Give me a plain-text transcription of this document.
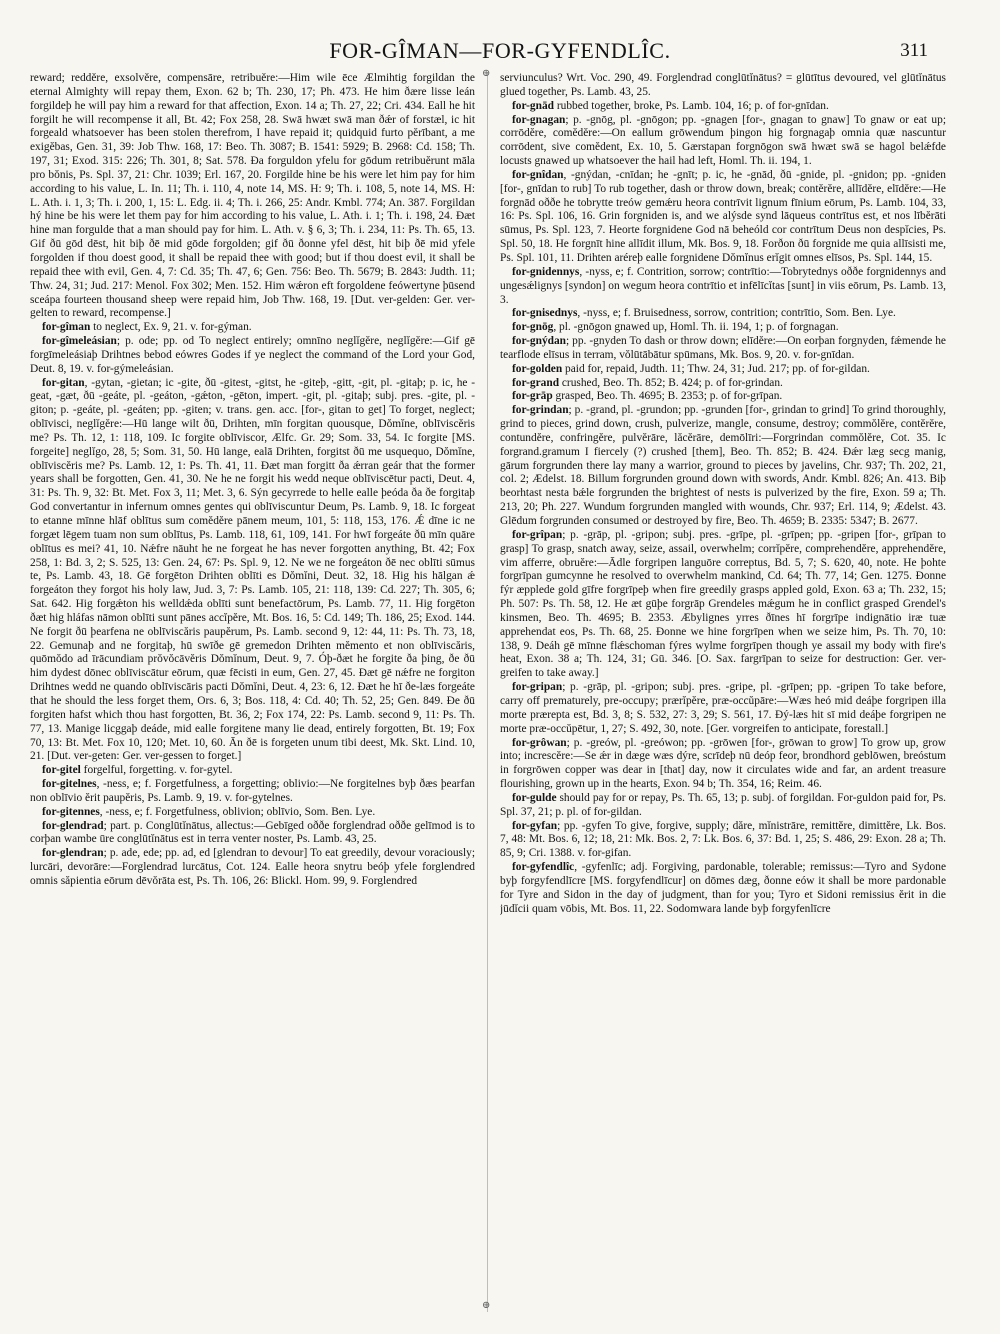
FOR-GÎMAN—FOR-GYFENDLÎC.	311
⊕
⊕

reward; redděre, exsolvěre, compensāre, retribuěre:—Him wile ēce Ælmihtig forgildan the eternal Almighty will repay them, Exon. 62 b; Th. 230, 17; Ph. 473. He him ðære lisse leán forgildeþ he will pay him a reward for that affection, Exon. 14 a; Th. 27, 22; Cri. 434. Eall he hit forgilt he will recompense it all, Bt. 42; Fox 258, 28. Swā hwæt swā man ðǽr of forstæl, ic hit forgeald whatsoever has been stolen therefrom, I have repaid it; quidquid furto pĕrībant, a me exigĕbas, Gen. 31, 39: Job Thw. 168, 17: Beo. Th. 3087; B. 1541: 5929; B. 2968: Cd. 158; Th. 197, 31; Exod. 315: 226; Th. 301, 8; Sat. 578. Ða forguldon yfelu for gōdum retribuĕrunt māla pro bŏnis, Ps. Spl. 37, 21: Chr. 1039; Erl. 167, 20. Forgilde hine be his were let him pay for him according to his value, L. In. 11; Th. i. 110, 4, note 14, MS. H: 9; Th. i. 108, 5, note 14, MS. H: L. Ath. i. 1, 3; Th. i. 200, 1, 15: L. Edg. ii. 4; Th. i. 266, 25: Andr. Kmbl. 774; An. 387. Forgildan hý hine be his were let them pay for him according to his value, L. Ath. i. 1; Th. i. 198, 24. Ðæt hine man forgulde that a man should pay for him. L. Ath. v. § 6, 3; Th. i. 234, 11: Ps. Th. 65, 13. Gif ðū gōd dēst, hit biþ ðē mid gōde forgolden; gif ðū ðonne yfel dēst, hit biþ ðē mid yfele forgolden if thou doest good, it shall be repaid thee with good; but if thou doest evil, it shall be repaid thee with evil, Gen. 4, 7: Cd. 35; Th. 47, 6; Gen. 756: Beo. Th. 5679; B. 2843: Judth. 11; Thw. 24, 31; Jud. 217: Menol. Fox 302; Men. 152. Him wǽron eft forgoldene feówertyne þūsend sceápa fourteen thousand sheep were repaid him, Job Thw. 168, 19. [Dut. ver-gelden: Ger. ver-gelten to reward, recompense.]

for-gîman to neglect, Ex. 9, 21. v. for-gýman.

for-gîmeleásian; p. ode; pp. od To neglect entirely; omnīno neglĭgĕre, neglĭgĕre:—Gif gē forgīmeleásiaþ Drihtnes bebod eówres Godes if ye neglect the command of the Lord your God, Deut. 8, 19. v. for-gýmeleásian.

for-gitan, -gytan, -gietan; ic -gite, ðū -gitest, -gitst, he -giteþ, -gitt, -git, pl. -gitaþ; p. ic, he -geat, -gæt, ðū -geáte, pl. -geáton, -gǽton, -gēton, impert. -git, pl. -gitaþ; subj. pres. -gite, pl. -giton; p. -geáte, pl. -geáten; pp. -giten; v. trans. gen. acc. [for-, gitan to get] To forget, neglect; oblīvisci, neglĭgĕre:—Hū lange wilt ðū, Drihten, mīn forgitan quousque, Dŏmĭne, oblīviscĕris me? Ps. Th. 12, 1: 118, 109. Ic forgite oblīviscor, Ælfc. Gr. 29; Som. 33, 54. Ic forgite [MS. forgeite] neglĭgo, 28, 5; Som. 31, 50. Hū lange, ealā Drihten, forgitst ðū me usquequo, Dŏmĭne, oblīviscĕris me? Ps. Lamb. 12, 1: Ps. Th. 41, 11. Ðæt man forgitt ða ǽrran geár that the former years shall be forgotten, Gen. 41, 30. Ne he ne forgit his wedd neque oblīviscētur pacti, Deut. 4, 31: Ps. Th. 9, 32: Bt. Met. Fox 3, 11; Met. 3, 6. Sýn gecyrrede to helle ealle þeóda ða ðe forgitaþ God convertantur in infernum omnes gentes qui oblīviscuntur Deum, Ps. Lamb. 9, 18. Ic forgeat to etanne mīnne hlāf oblītus sum comĕdĕre pānem meum, 101, 5: 118, 153, 176. Ǽ dīne ic ne forgæt lēgem tuam non sum oblītus, Ps. Lamb. 118, 61, 109, 141. For hwī forgeáte ðū mīn quāre oblītus es mei? 41, 10. Nǽfre nāuht he ne forgeat he has never forgotten anything, Bt. 42; Fox 258, 1: Bd. 3, 2; S. 525, 13: Gen. 24, 67: Ps. Spl. 9, 12. Ne we ne forgeáton ðē nec oblīti sūmus te, Ps. Lamb. 43, 18. Gē forgēton Drihten oblīti es Dŏmĭni, Deut. 32, 18. Hig his hālgan ǽ forgeáton they forgot his holy law, Jud. 3, 7: Ps. Lamb. 105, 21: 118, 139: Cd. 227; Th. 305, 6; Sat. 642. Hig forgǽton his welldǽda oblīti sunt benefactōrum, Ps. Lamb. 77, 11. Hig forgēton ðæt hig hláfas nāmon oblīti sunt pānes accĭpĕre, Mt. Bos. 16, 5: Cd. 149; Th. 186, 25; Exod. 144. Ne forgit ðū þearfena ne oblīviscăris paupĕrum, Ps. Lamb. second 9, 12: 44, 11: Ps. Th. 73, 18, 22. Gemunaþ and ne forgitaþ, hū swīðe gē gremedon Drihten mĕmento et non oblīviscăris, quōmŏdo ad īrācundiam prŏvŏcāvĕris Dŏmĭnum, Deut. 9, 7. Óþ-ðæt he forgite ða þing, ðe ðū him dydest dōnec oblīviscātur eōrum, quæ fēcisti in eum, Gen. 27, 45. Ðæt gē nǽfre ne forgiton Drihtnes wedd ne quando oblīviscāris pacti Dŏmĭni, Deut. 4, 23: 6, 12. Ðæt he hī ðe-læs forgeáte that he should the less forget them, Ors. 6, 3; Bos. 118, 4: Cd. 40; Th. 52, 25; Gen. 849. Ðe ðū forgiten hafst which thou hast forgotten, Bt. 36, 2; Fox 174, 22: Ps. Lamb. second 9, 11: Ps. Th. 77, 13. Manige licggaþ deáde, mid ealle forgitene many lie dead, entirely forgotten, Bt. 19; Fox 70, 13: Bt. Met. Fox 10, 120; Met. 10, 60. Ān ðē is forgeten unum tibi deest, Mk. Skt. Lind. 10, 21. [Dut. ver-geten: Ger. ver-gessen to forget.]

for-gitel forgelful, forgetting. v. for-gytel.

for-gitelnes, -ness, e; f. Forgetfulness, a forgetting; oblivio:—Ne forgitelnes byþ ðæs þearfan non oblīvio ĕrit paupĕris, Ps. Lamb. 9, 19. v. for-gytelnes.

for-gitennes, -ness, e; f. Forgetfulness, oblivion; oblīvio, Som. Ben. Lye.

for-glendrad; part. p. Conglūtĭnātus, allectus:—Gebīged oððe forglendrad oððe gelīmod is to corþan wambe ūre conglūtĭnātus est in terra venter noster, Ps. Lamb. 43, 25.

for-glendran; p. ade, ede; pp. ad, ed [glendran to devour] To eat greedily, devour voraciously; lurcāri, devorāre:—Forglendrad lurcātus, Cot. 124. Ealle heora snytru beóþ yfele forglendred omnis săpientia eōrum dēvŏrāta est, Ps. Th. 106, 26: Blickl. Hom. 99, 9. Forglendred

serviunculus? Wrt. Voc. 290, 49. Forglendrad conglūtĭnātus? = glūtītus devoured, vel glūtĭnātus glued together, Ps. Lamb. 43, 25.

for-gnād rubbed together, broke, Ps. Lamb. 104, 16; p. of for-gnīdan.

for-gnagan; p. -gnōg, pl. -gnōgon; pp. -gnagen [for-, gnagan to gnaw] To gnaw or eat up; corrōdĕre, comĕdĕre:—On eallum grōwendum þingon hig forgnagaþ omnia quæ nascuntur corrōdent, sive comĕdent, Ex. 10, 5. Gærstapan forgnōgon swā hwæt swā se hagol belǽfde locusts gnawed up whatsoever the hail had left, Homl. Th. ii. 194, 1.

for-gnîdan, -gnýdan, -cnīdan; he -gnīt; p. ic, he -gnād, ðū -gnide, pl. -gnidon; pp. -gniden [for-, gnīdan to rub] To rub together, dash or throw down, break; contĕrĕre, allīdĕre, elīdĕre:—He forgnād oððe he tobrytte treów gemǽru heora contrīvit lignum fīnium eōrum, Ps. Lamb. 104, 33, 16: Ps. Spl. 106, 16. Grin forgniden is, and we alýsde synd lāqueus contrītus est, et nos lībĕrāti sūmus, Ps. Spl. 123, 7. Heorte forgnidene God nā beheóld cor contrītum Deus non despĭcies, Ps. Spl. 50, 18. He forgnīt hine allīdit illum, Mk. Bos. 9, 18. Forðon ðū forgnide me quia allīsisti me, Ps. Spl. 101, 11. Drihten aréreþ ealle forgnidene Dŏmĭnus erĭgit omnes elīsos, Ps. Spl. 144, 15.

for-gnidennys, -nyss, e; f. Contrition, sorrow; contrītio:—Tobrytednys oððe forgnidennys and ungesǽlignys [syndon] on wegum heora contrītio et infēlīcĭtas [sunt] in viis eōrum, Ps. Lamb. 13, 3.

for-gnisednys, -nyss, e; f. Bruisedness, sorrow, contrition; contrītio, Som. Ben. Lye.

for-gnōg, pl. -gnōgon gnawed up, Homl. Th. ii. 194, 1; p. of forgnagan.

for-gnýdan; pp. -gnyden To dash or throw down; elīdĕre:—On eorþan forgnyden, fǽmende he tearflode elīsus in terram, vŏlūtābātur spūmans, Mk. Bos. 9, 20. v. for-gnīdan.

for-golden paid for, repaid, Judth. 11; Thw. 24, 31; Jud. 217; pp. of for-gildan.

for-grand crushed, Beo. Th. 852; B. 424; p. of for-grindan.

for-grāp grasped, Beo. Th. 4695; B. 2353; p. of for-grīpan.

for-grindan; p. -grand, pl. -grundon; pp. -grunden [for-, grindan to grind] To grind thoroughly, grind to pieces, grind down, crush, pulverize, mangle, consume, destroy; commŏlĕre, contĕrĕre, contundĕre, confringĕre, pulvĕrāre, lăcĕrāre, demōlīri:—Forgrindan commŏlĕre, Cot. 35. Ic forgrand.gramum I fiercely (?) crushed [them], Beo. Th. 852; B. 424. Ðǽr læg secg manig, gārum forgrunden there lay many a warrior, ground to pieces by javelins, Chr. 937; Th. 202, 21, col. 2; Ædelst. 18. Billum forgrunden ground down with swords, Andr. Kmbl. 826; An. 413. Biþ beorhtast nesta bǽle forgrunden the brightest of nests is pulverized by the fire, Exon. 59 a; Th. 213, 20; Ph. 227. Wundum forgrunden mangled with wounds, Chr. 937; Erl. 114, 9; Ædelst. 43. Glēdum forgrunden consumed or destroyed by fire, Beo. Th. 4659; B. 2335: 5347; B. 2677.

for-grîpan; p. -grāp, pl. -gripon; subj. pres. -grīpe, pl. -grīpen; pp. -gripen [for-, grīpan to grasp] To grasp, snatch away, seize, assail, overwhelm; corrĭpĕre, comprehendĕre, apprehendĕre, vim afferre, obruĕre:—Ādle forgripen languōre correptus, Bd. 5, 7; S. 620, 40, note. He þohte forgrīpan gumcynne he resolved to overwhelm mankind, Cd. 64; Th. 77, 14; Gen. 1275. Ðonne fýr æpplede gold gīfre forgrīpeþ when fire greedily grasps appled gold, Exon. 63 a; Th. 232, 15; Ph. 507: Ps. Th. 58, 12. He æt gūþe forgrāp Grendeles mǽgum he in conflict grasped Grendel's kinsmen, Beo. Th. 4695; B. 2353. Æbylignes yrres ðīnes hī forgrīpe indignātio iræ tuæ apprehendat eos, Ps. Th. 68, 25. Ðonne we hine forgrīpen when we seize him, Ps. Th. 70, 10: 138, 9. Deáh gē mīnne flǽschoman fýres wylme forgrīpen though ye assail my body with fire's heat, Exon. 38 a; Th. 124, 31; Gū. 346. [O. Sax. fargrīpan to seize for destruction: Ger. ver-greifen to take away.]

for-gripan; p. -grāp, pl. -gripon; subj. pres. -gripe, pl. -grīpen; pp. -gripen To take before, carry off prematurely, pre-occupy; prærĭpĕre, præ-occŭpāre:—Wæs heó mid deáþe forgripen illa morte prærepta est, Bd. 3, 8; S. 532, 27: 3, 29; S. 561, 17. Ðý-læs hit sī mid deáþe forgripen ne morte præ-occŭpētur, 1, 27; S. 492, 30, note. [Ger. vorgreifen to anticipate, forestall.]

for-grôwan; p. -greów, pl. -greówon; pp. -grōwen [for-, grōwan to grow] To grow up, grow into; increscĕre:—Se ǽr in dæge wæs dýre, scrīdeþ nū deóp feor, brondhord geblōwen, breóstum in forgrōwen copper was dear in [that] day, now it circulates wide and far, an ardent treasure flourishing, grown up in the hearts, Exon. 94 b; Th. 354, 16; Reim. 46.

for-gulde should pay for or repay, Ps. Th. 65, 13; p. subj. of forgildan. For-guldon paid for, Ps. Spl. 37, 21; p. pl. of for-gildan.

for-gyfan; pp. -gyfen To give, forgive, supply; dăre, mĭnistrāre, remittĕre, dimittĕre, Lk. Bos. 7, 48: Mt. Bos. 6, 12; 18, 21: Mk. Bos. 2, 7: Lk. Bos. 6, 37: Bd. 1, 25; S. 486, 29: Exon. 28 a; Th. 85, 9; Cri. 1388. v. for-gifan.

for-gyfendlîc, -gyfenlīc; adj. Forgiving, pardonable, tolerable; remissus:—Tyro and Sydone byþ forgyfendlīcre [MS. forgyfendlīcur] on dōmes dæg, ðonne eów it shall be more pardonable for Tyre and Sidon in the day of judgment, than for you; Tyro et Sidoni remissius ĕrit in die jūdĭcii quam vōbis, Mt. Bos. 11, 22. Sodomwara lande byþ forgyfenlīcre
